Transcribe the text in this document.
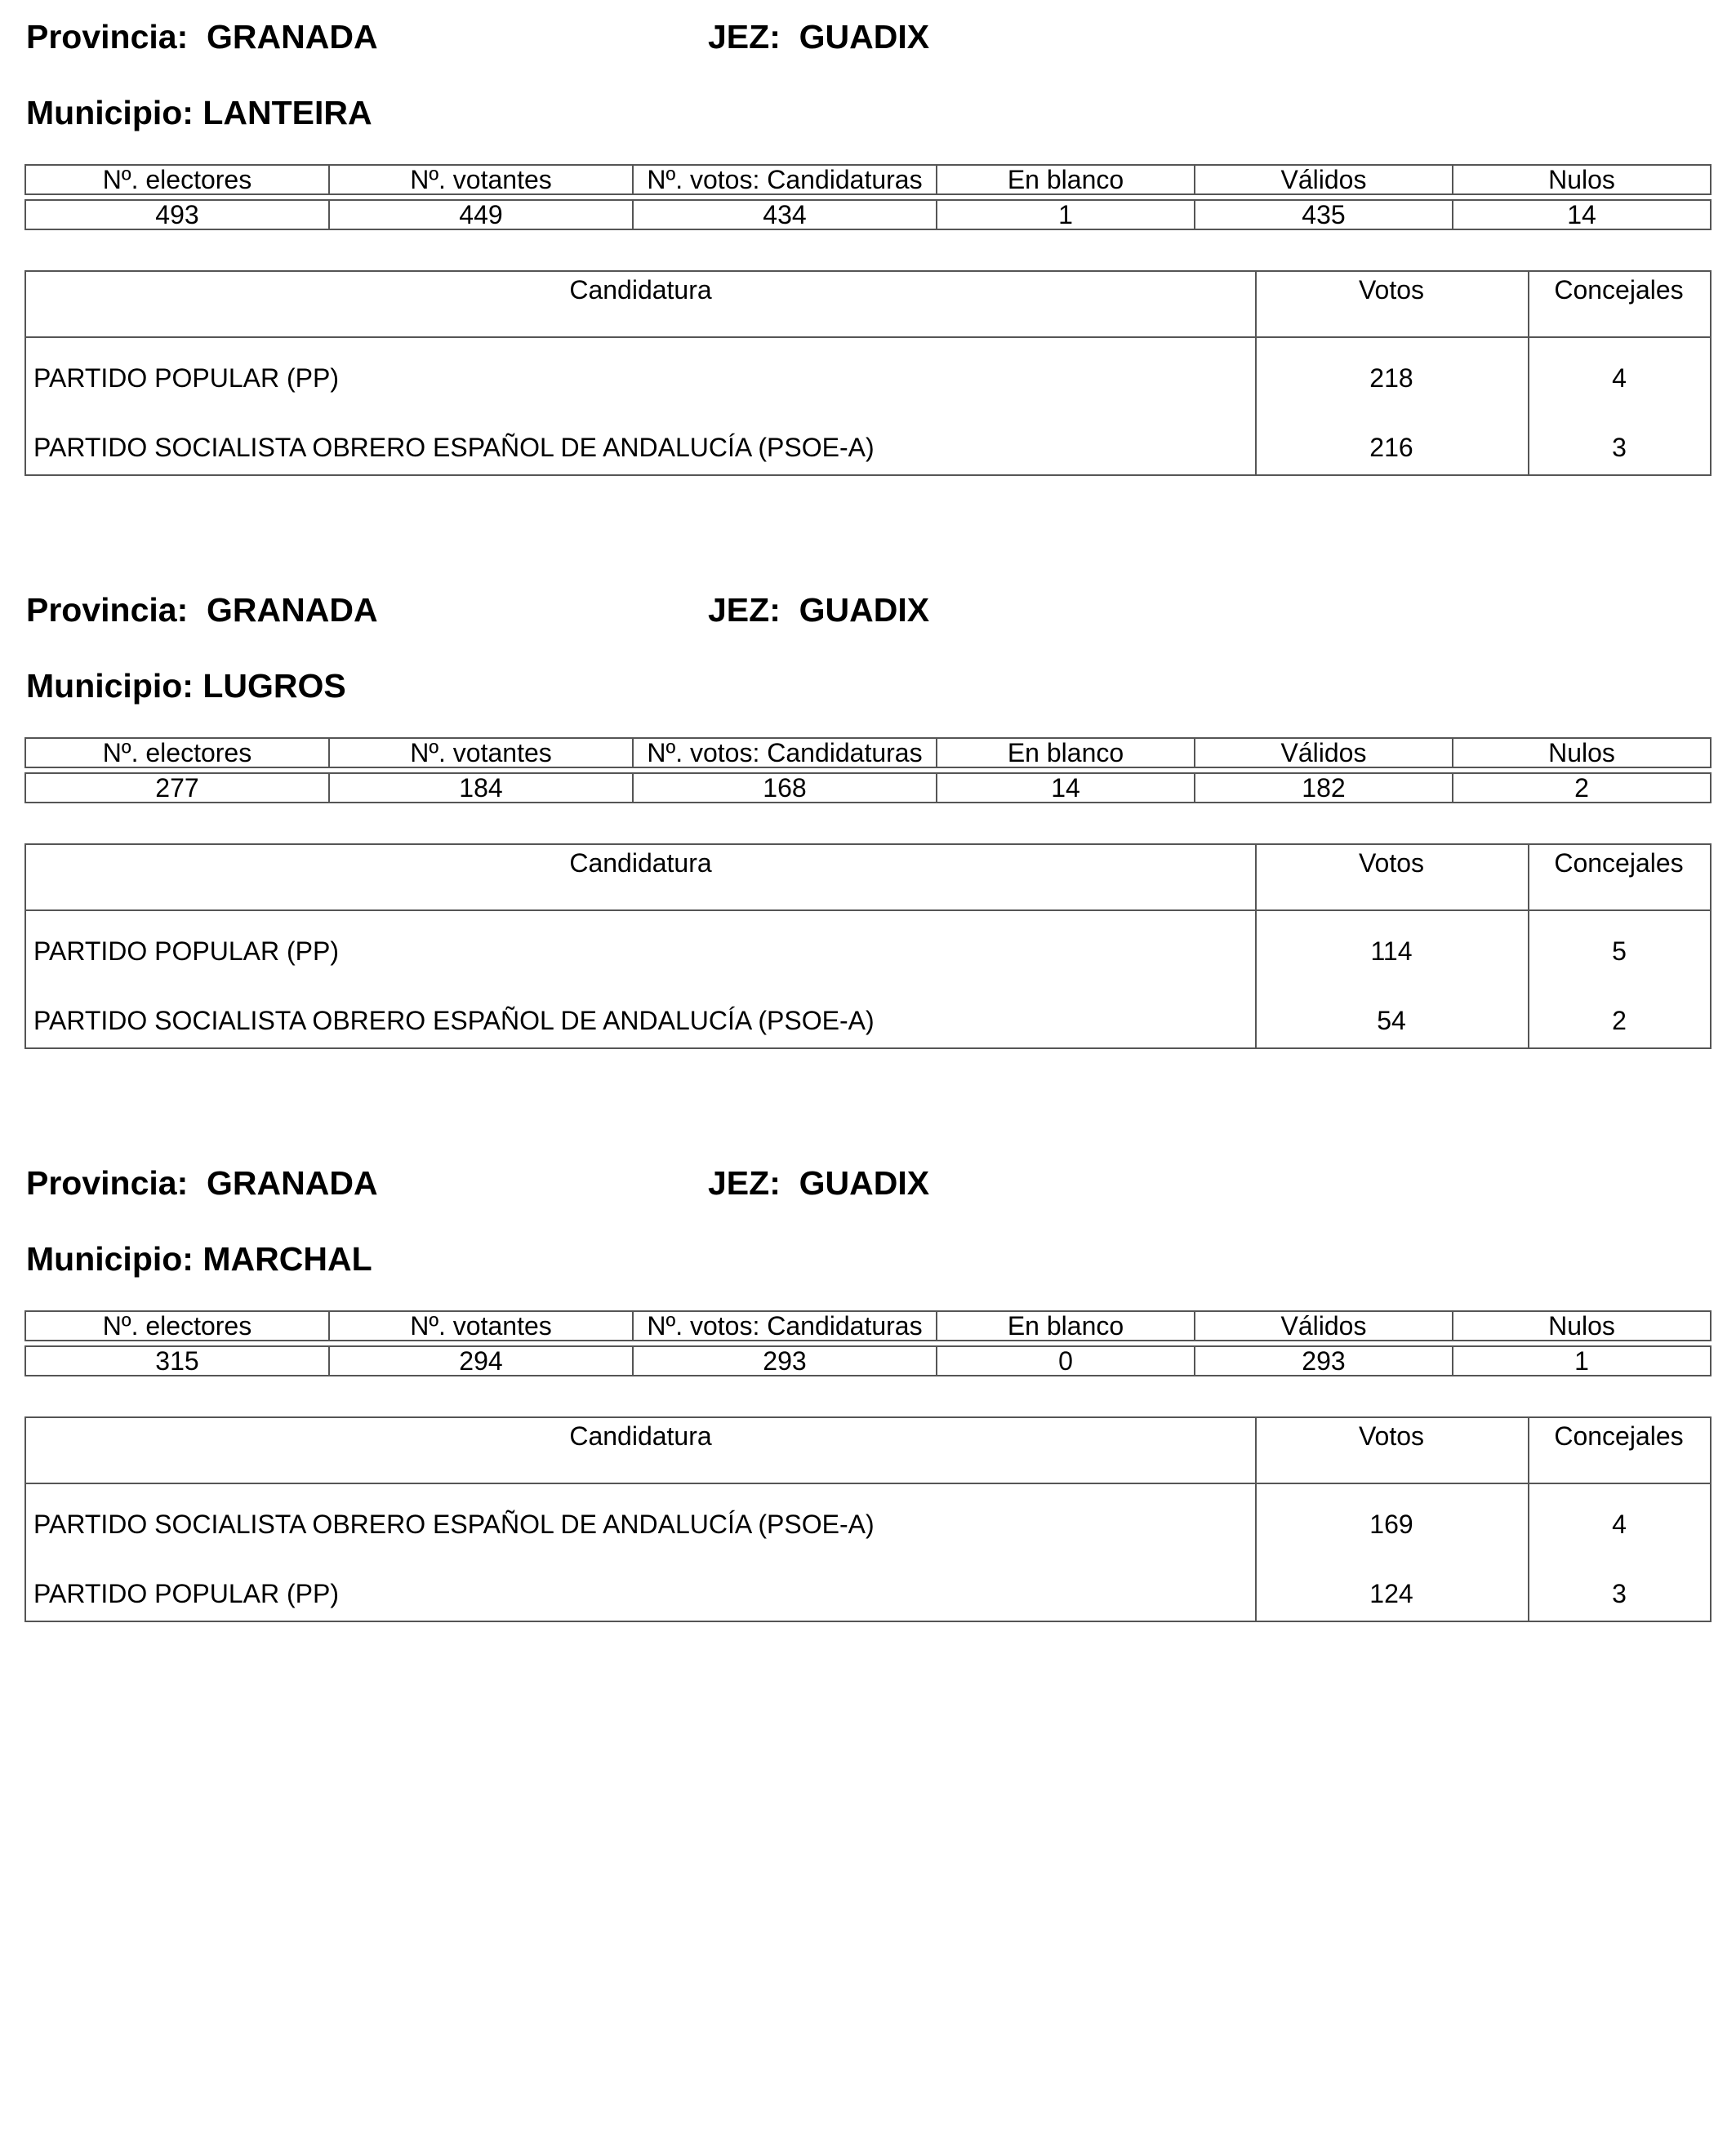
Provincia: GRANADA	JEZ: GUADIX
Municipio: LANTEIRA
Nº. electores	Nº. votantes	Nº. votos: Candidaturas	En blanco	Válidos	Nulos
493	449	434	1	435	14
Candidatura	Votos	Concejales
PARTIDO POPULAR (PP)	218	4
PARTIDO SOCIALISTA OBRERO ESPAÑOL DE ANDALUCÍA (PSOE-A)	216	3
Provincia: GRANADA	JEZ: GUADIX
Municipio: LUGROS
Nº. electores	Nº. votantes	Nº. votos: Candidaturas	En blanco	Válidos	Nulos
277	184	168	14	182	2
Candidatura	Votos	Concejales
PARTIDO POPULAR (PP)	114	5
PARTIDO SOCIALISTA OBRERO ESPAÑOL DE ANDALUCÍA (PSOE-A)	54	2
Provincia: GRANADA	JEZ: GUADIX
Municipio: MARCHAL
Nº. electores	Nº. votantes	Nº. votos: Candidaturas	En blanco	Válidos	Nulos
315	294	293	0	293	1
Candidatura	Votos	Concejales
PARTIDO SOCIALISTA OBRERO ESPAÑOL DE ANDALUCÍA (PSOE-A)	169	4
PARTIDO POPULAR (PP)	124	3
